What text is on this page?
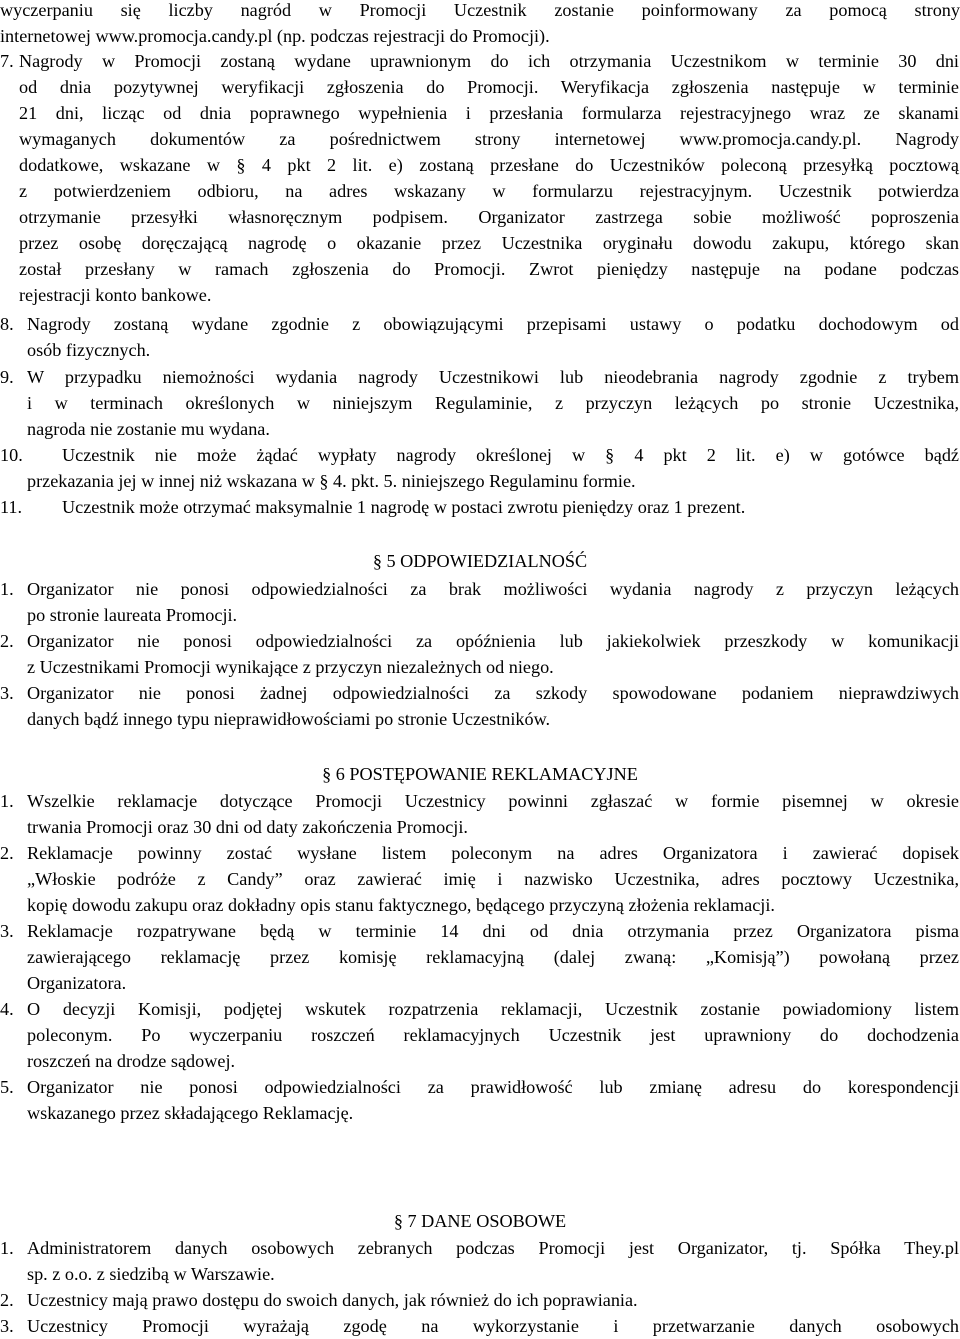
wyczerpaniu się liczby nagród w Promocji Uczestnik zostanie poinformowany za pomocą strony

internetowej www.promocja.candy.pl (np. podczas rejestracji do Promocji).

7. Nagrody w Promocji zostaną wydane uprawnionym do ich otrzymania Uczestnikom w terminie 30 dni

od dnia pozytywnej weryfikacji zgłoszenia do Promocji. Weryfikacja zgłoszenia następuje w terminie

21 dni, licząc od dnia poprawnego wypełnienia i przesłania formularza rejestracyjnego wraz ze skanami

wymaganych dokumentów za pośrednictwem strony internetowej www.promocja.candy.pl. Nagrody

dodatkowe, wskazane w § 4 pkt 2 lit. e) zostaną przesłane do Uczestników poleconą przesyłką pocztową

z potwierdzeniem odbioru, na adres wskazany w formularzu rejestracyjnym. Uczestnik potwierdza

otrzymanie przesyłki własnoręcznym podpisem. Organizator zastrzega sobie możliwość poproszenia

przez osobę doręczającą nagrodę o okazanie przez Uczestnika oryginału dowodu zakupu, którego skan

został przesłany w ramach zgłoszenia do Promocji. Zwrot pieniędzy następuje na podane podczas

rejestracji konto bankowe.

8. Nagrody zostaną wydane zgodnie z obowiązującymi przepisami ustawy o podatku dochodowym od

osób fizycznych.

9. W przypadku niemożności wydania nagrody Uczestnikowi lub nieodebrania nagrody zgodnie z trybem

i w terminach określonych w niniejszym Regulaminie, z przyczyn leżących po stronie Uczestnika,

nagroda nie zostanie mu wydana.

10. Uczestnik nie może żądać wypłaty nagrody określonej w § 4 pkt 2 lit. e) w gotówce bądź

przekazania jej w innej niż wskazana w § 4. pkt. 5. niniejszego Regulaminu formie.

11. Uczestnik może otrzymać maksymalnie 1 nagrodę w postaci zwrotu pieniędzy oraz 1 prezent.

§ 5 ODPOWIEDZIALNOŚĆ
1. Organizator nie ponosi odpowiedzialności za brak możliwości wydania nagrody z przyczyn leżących

po stronie laureata Promocji.

2. Organizator nie ponosi odpowiedzialności za opóźnienia lub jakiekolwiek przeszkody w komunikacji

z Uczestnikami Promocji wynikające z przyczyn niezależnych od niego.

3. Organizator nie ponosi żadnej odpowiedzialności za szkody spowodowane podaniem nieprawdziwych

danych bądź innego typu nieprawidłowościami po stronie Uczestników.

§ 6 POSTĘPOWANIE REKLAMACYJNE
1. Wszelkie reklamacje dotyczące Promocji Uczestnicy powinni zgłaszać w formie pisemnej w okresie

trwania Promocji oraz 30 dni od daty zakończenia Promocji.

2. Reklamacje powinny zostać wysłane listem poleconym na adres Organizatora i zawierać dopisek

„Włoskie podróże z Candy” oraz zawierać imię i nazwisko Uczestnika, adres pocztowy Uczestnika,

kopię dowodu zakupu oraz dokładny opis stanu faktycznego, będącego przyczyną złożenia reklamacji.

3. Reklamacje rozpatrywane będą w terminie 14 dni od dnia otrzymania przez Organizatora pisma

zawierającego reklamację przez komisję reklamacyjną (dalej zwaną: „Komisją”) powołaną przez

Organizatora.

4. O decyzji Komisji, podjętej wskutek rozpatrzenia reklamacji, Uczestnik zostanie powiadomiony listem

poleconym. Po wyczerpaniu roszczeń reklamacyjnych Uczestnik jest uprawniony do dochodzenia

roszczeń na drodze sądowej.

5. Organizator nie ponosi odpowiedzialności za prawidłowość lub zmianę adresu do korespondencji

wskazanego przez składającego Reklamację.

§ 7 DANE OSOBOWE
1. Administratorem danych osobowych zebranych podczas Promocji jest Organizator, tj. Spółka They.pl

sp. z o.o. z siedzibą w Warszawie.

2. Uczestnicy mają prawo dostępu do swoich danych, jak również do ich poprawiania.

3. Uczestnicy Promocji wyrażają zgodę na wykorzystanie i przetwarzanie danych osobowych
